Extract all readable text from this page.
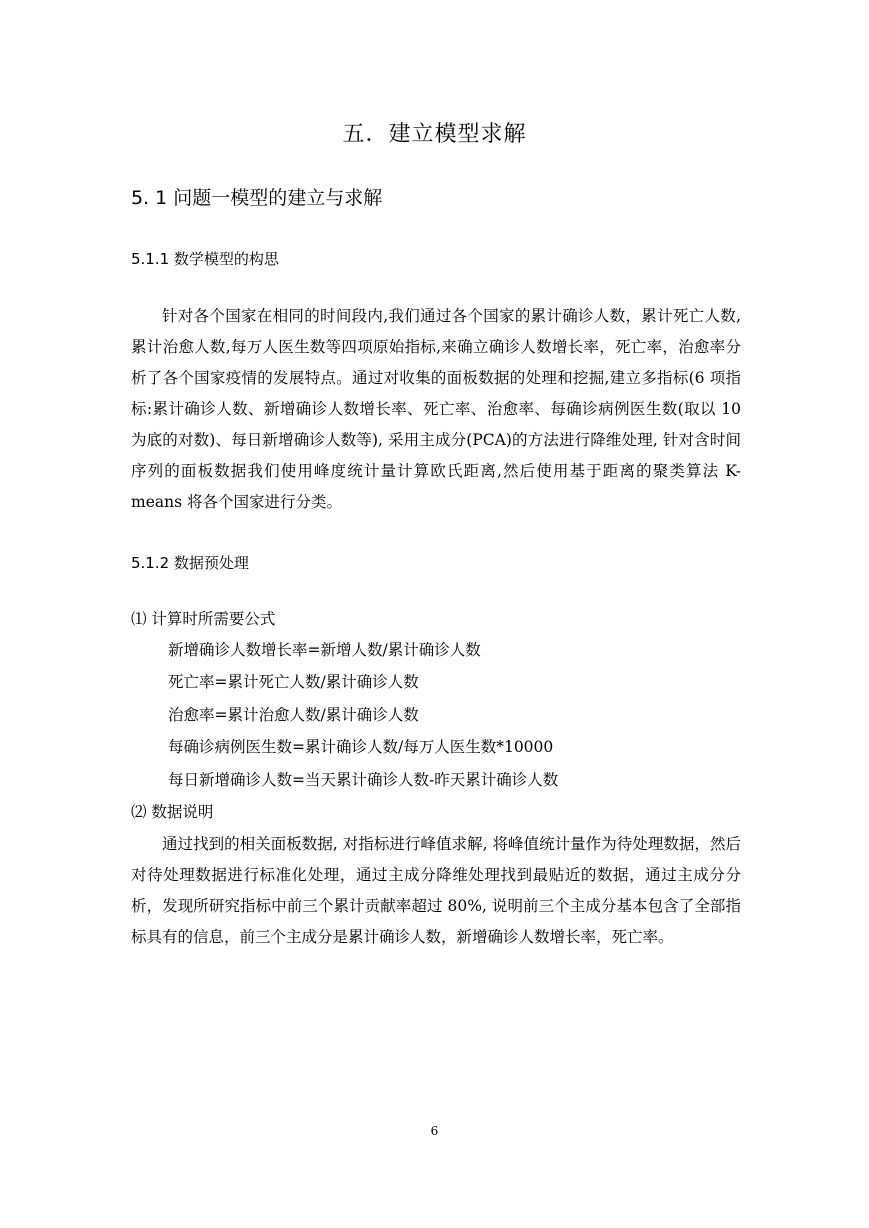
五．建立模型求解
5. 1 问题一模型的建立与求解
5.1.1 数学模型的构思

针对各个国家在相同的时间段内,我们通过各个国家的累计确诊人数，累计死亡人数,累计治愈人数,每万人医生数等四项原始指标,来确立确诊人数增长率，死亡率，治愈率分析了各个国家疫情的发展特点。通过对收集的面板数据的处理和挖掘,建立多指标(6 项指标:累计确诊人数、新增确诊人数增长率、死亡率、治愈率、每确诊病例医生数(取以 10 为底的对数)、每日新增确诊人数等), 采用主成分(PCA)的方法进行降维处理, 针对含时间序列的面板数据我们使用峰度统计量计算欧氏距离,然后使用基于距离的聚类算法 K-means 将各个国家进行分类。

5.1.2 数据预处理
⑴ 计算时所需要公式
新增确诊人数增长率=新增人数/累计确诊人数
死亡率=累计死亡人数/累计确诊人数
治愈率=累计治愈人数/累计确诊人数
每确诊病例医生数=累计确诊人数/每万人医生数*10000
每日新增确诊人数=当天累计确诊人数-昨天累计确诊人数
⑵ 数据说明

通过找到的相关面板数据, 对指标进行峰值求解, 将峰值统计量作为待处理数据，然后对待处理数据进行标准化处理，通过主成分降维处理找到最贴近的数据，通过主成分分析，发现所研究指标中前三个累计贡献率超过 80%, 说明前三个主成分基本包含了全部指标具有的信息，前三个主成分是累计确诊人数，新增确诊人数增长率，死亡率。

6
